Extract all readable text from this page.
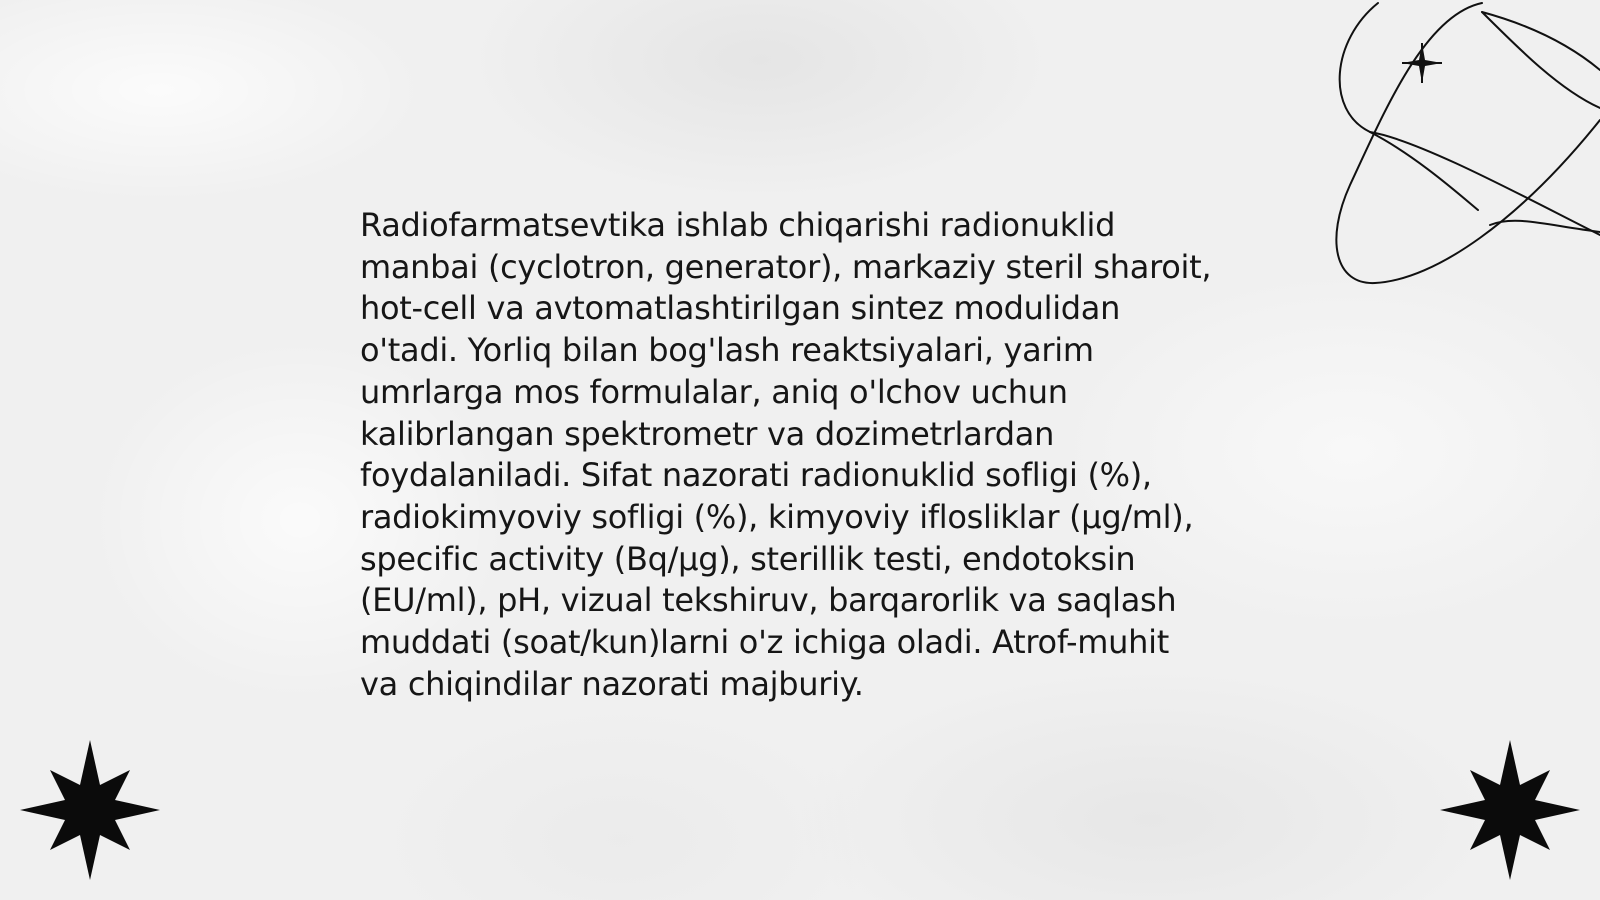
Radiofarmatsevtika ishlab chiqarishi radionuklid
manbai (cyclotron, generator), markaziy steril sharoit,
hot-cell va avtomatlashtirilgan sintez modulidan
o'tadi. Yorliq bilan bog'lash reaktsiyalari, yarim
umrlarga mos formulalar, aniq o'lchov uchun
kalibrlangan spektrometr va dozimetrlardan
foydalaniladi. Sifat nazorati radionuklid sofligi (%),
radiokimyoviy sofligi (%), kimyoviy iflosliklar (µg/ml),
specific activity (Bq/µg), sterillik testi, endotoksin
(EU/ml), pH, vizual tekshiruv, barqarorlik va saqlash
muddati (soat/kun)larni o'z ichiga oladi. Atrof-muhit
va chiqindilar nazorati majburiy.
